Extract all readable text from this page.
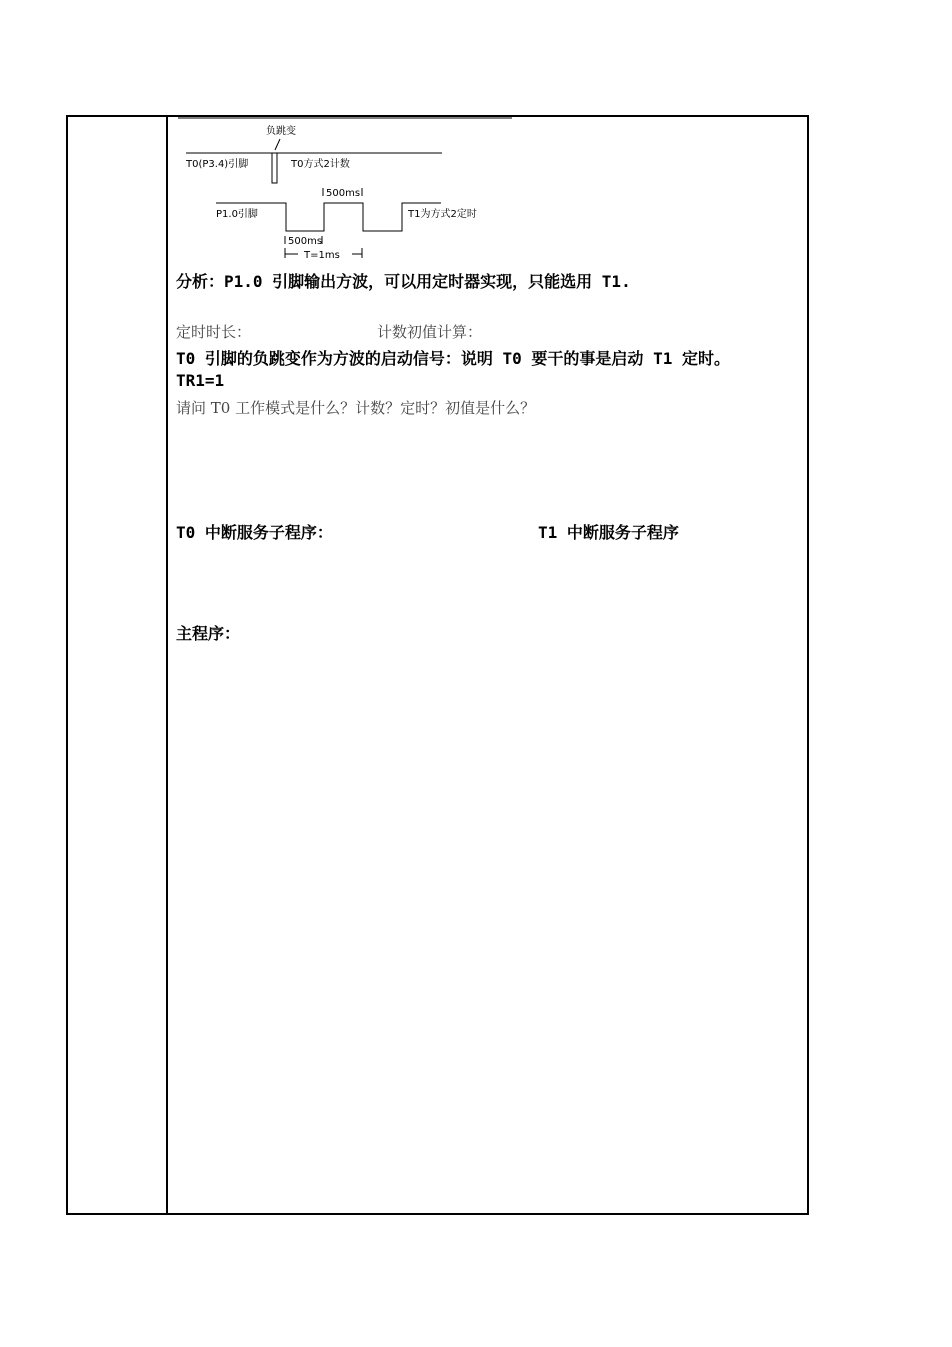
负跳变
T0(P3.4)引脚	T0方式2计数
500ms
P1.0引脚	T1为方式2定时
500ms
T=1ms
分析：P1.0 引脚输出方波，可以用定时器实现，只能选用 T1.
定时时长：	计数初值计算：
T0 引脚的负跳变作为方波的启动信号：说明 T0 要干的事是启动 T1 定时。
TR1=1
请问 T0 工作模式是什么？计数？定时？初值是什么？
T0 中断服务子程序：	T1 中断服务子程序
主程序：
